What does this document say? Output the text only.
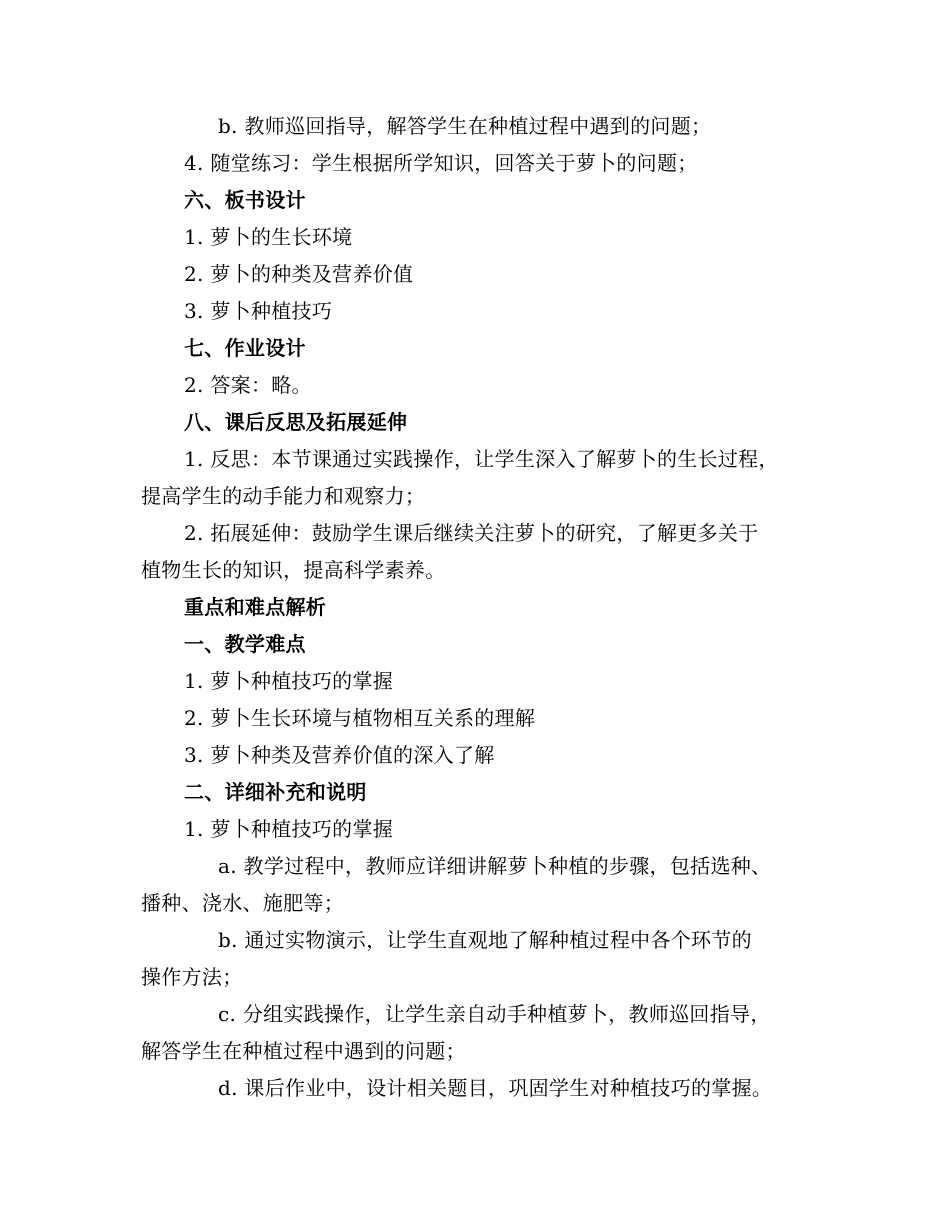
b. 教师巡回指导，解答学生在种植过程中遇到的问题；

4. 随堂练习：学生根据所学知识，回答关于萝卜的问题；

六、板书设计

1. 萝卜的生长环境

2. 萝卜的种类及营养价值

3. 萝卜种植技巧

七、作业设计

2. 答案：略。

八、课后反思及拓展延伸

1. 反思：本节课通过实践操作，让学生深入了解萝卜的生长过程，

提高学生的动手能力和观察力；

2. 拓展延伸：鼓励学生课后继续关注萝卜的研究，了解更多关于

植物生长的知识，提高科学素养。

重点和难点解析

一、教学难点

1. 萝卜种植技巧的掌握

2. 萝卜生长环境与植物相互关系的理解

3. 萝卜种类及营养价值的深入了解

二、详细补充和说明

1. 萝卜种植技巧的掌握

a. 教学过程中，教师应详细讲解萝卜种植的步骤，包括选种、

播种、浇水、施肥等；

b. 通过实物演示，让学生直观地了解种植过程中各个环节的

操作方法；

c. 分组实践操作，让学生亲自动手种植萝卜，教师巡回指导，

解答学生在种植过程中遇到的问题；

d. 课后作业中，设计相关题目，巩固学生对种植技巧的掌握。
